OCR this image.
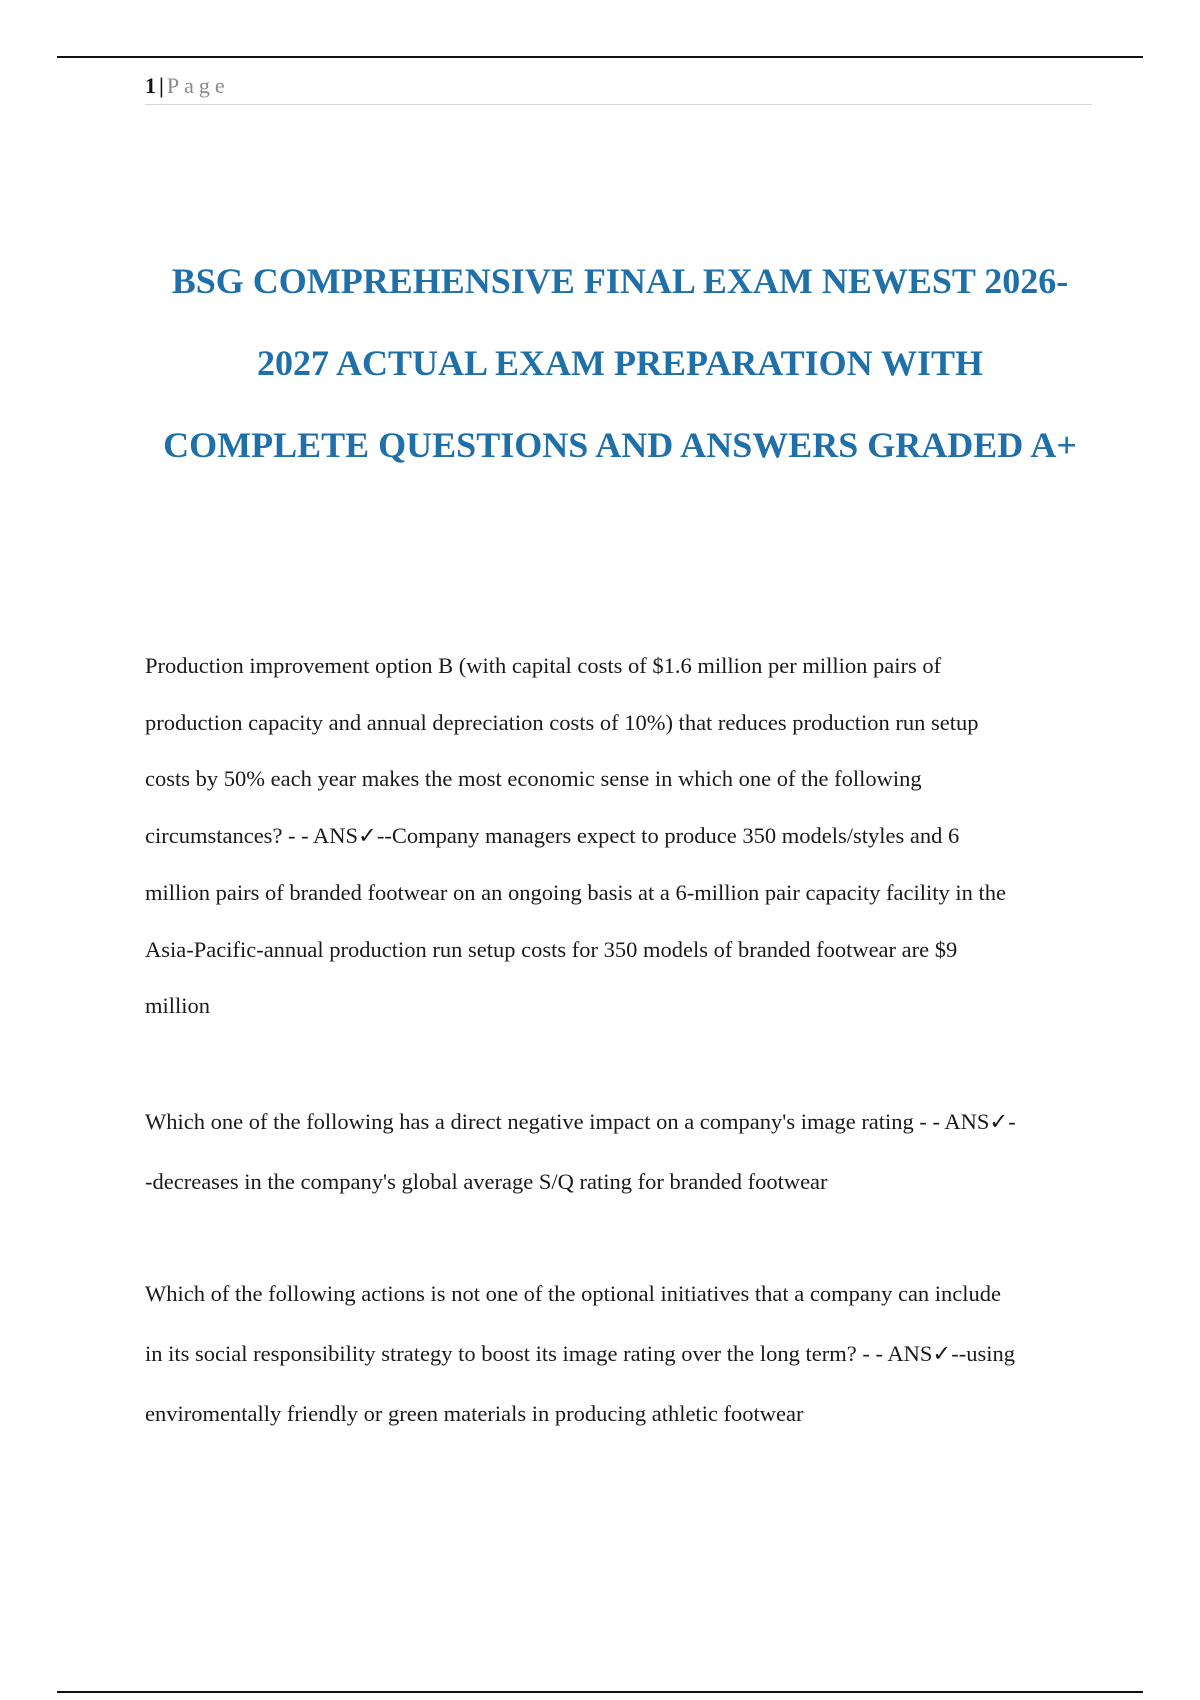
1 | Page
BSG COMPREHENSIVE FINAL EXAM NEWEST 2026-
2027 ACTUAL EXAM PREPARATION WITH
COMPLETE QUESTIONS AND ANSWERS GRADED A+

Production improvement option B (with capital costs of $1.6 million per million pairs of
production capacity and annual depreciation costs of 10%) that reduces production run setup
costs by 50% each year makes the most economic sense in which one of the following
circumstances? - - ANS✓--Company managers expect to produce 350 models/styles and 6
million pairs of branded footwear on an ongoing basis at a 6-million pair capacity facility in the
Asia-Pacific-annual production run setup costs for 350 models of branded footwear are $9
million

Which one of the following has a direct negative impact on a company's image rating - - ANS✓-
-decreases in the company's global average S/Q rating for branded footwear

Which of the following actions is not one of the optional initiatives that a company can include
in its social responsibility strategy to boost its image rating over the long term? - - ANS✓--using
enviromentally friendly or green materials in producing athletic footwear
